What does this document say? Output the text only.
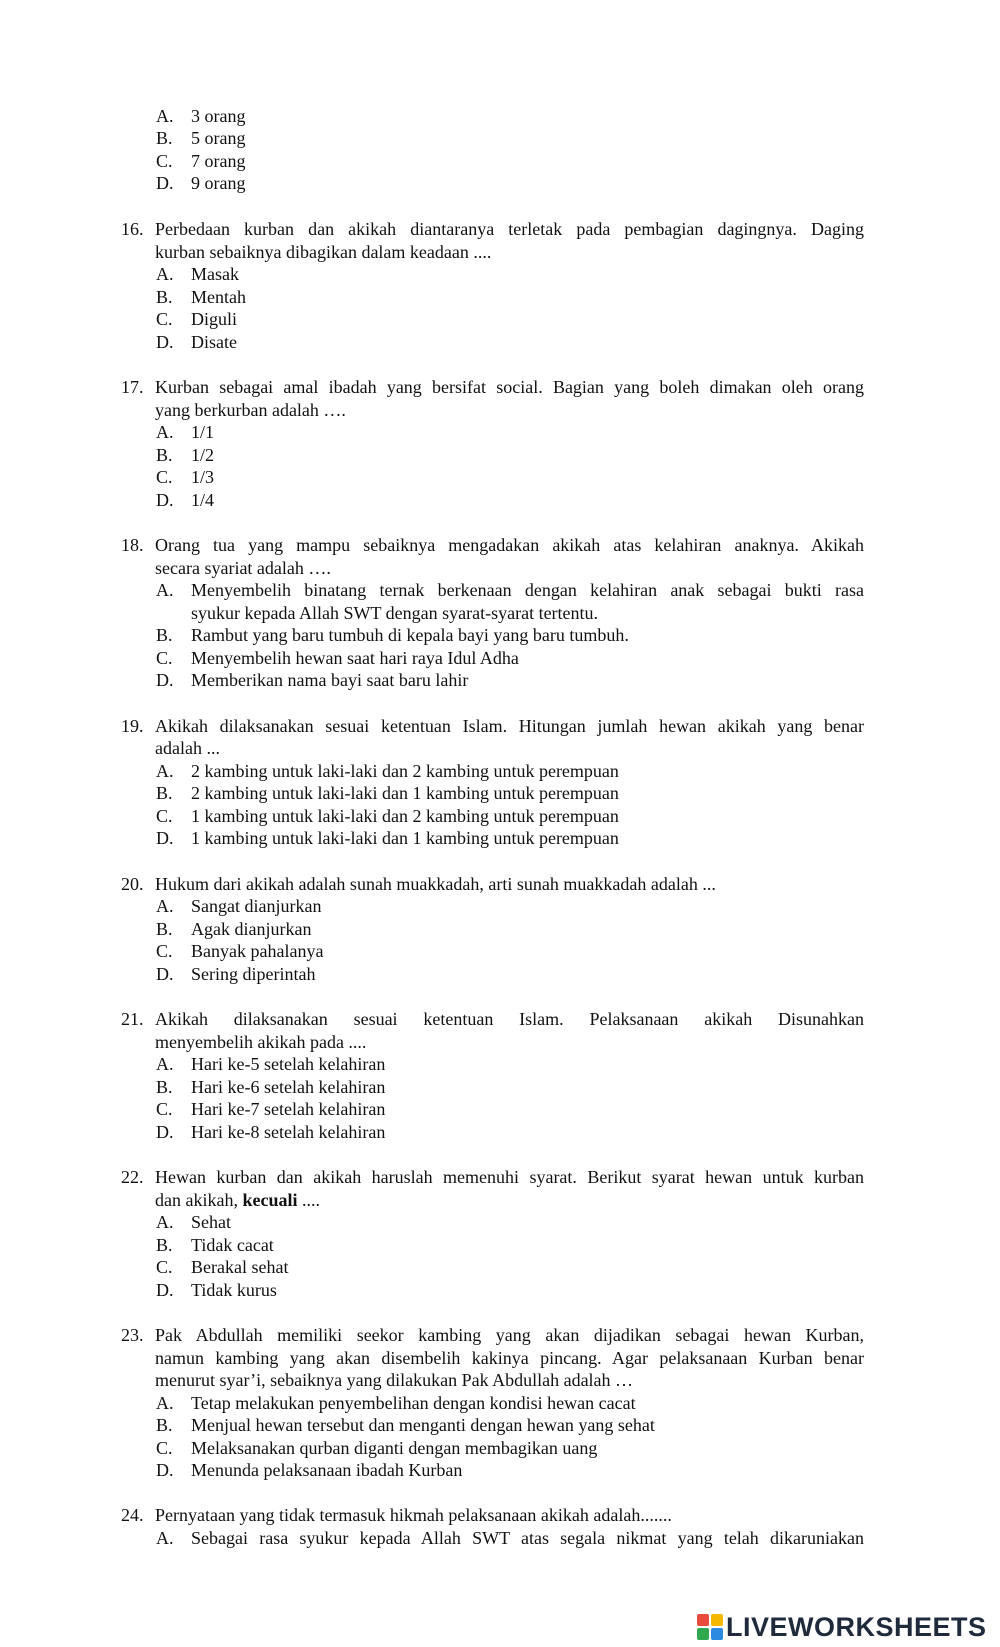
A. 3 orang
B. 5 orang
C. 7 orang
D. 9 orang
16. Perbedaan kurban dan akikah diantaranya terletak pada pembagian dagingnya. Daging
kurban sebaiknya dibagikan dalam keadaan ....
A. Masak
B. Mentah
C. Diguli
D. Disate
17. Kurban sebagai amal ibadah yang bersifat social. Bagian yang boleh dimakan oleh orang
yang berkurban adalah ….
A. 1/1
B. 1/2
C. 1/3
D. 1/4
18. Orang tua yang mampu sebaiknya mengadakan akikah atas kelahiran anaknya. Akikah
secara syariat adalah ….
A. Menyembelih binatang ternak berkenaan dengan kelahiran anak sebagai bukti rasa
syukur kepada Allah SWT dengan syarat-syarat tertentu.
B. Rambut yang baru tumbuh di kepala bayi yang baru tumbuh.
C. Menyembelih hewan saat hari raya Idul Adha
D. Memberikan nama bayi saat baru lahir
19. Akikah dilaksanakan sesuai ketentuan Islam. Hitungan jumlah hewan akikah yang benar
adalah ...
A. 2 kambing untuk laki-laki dan 2 kambing untuk perempuan
B. 2 kambing untuk laki-laki dan 1 kambing untuk perempuan
C. 1 kambing untuk laki-laki dan 2 kambing untuk perempuan
D. 1 kambing untuk laki-laki dan 1 kambing untuk perempuan
20. Hukum dari akikah adalah sunah muakkadah, arti sunah muakkadah adalah ...
A. Sangat dianjurkan
B. Agak dianjurkan
C. Banyak pahalanya
D. Sering diperintah
21. Akikah dilaksanakan sesuai ketentuan Islam. Pelaksanaan akikah Disunahkan
menyembelih akikah pada ....
A. Hari ke-5 setelah kelahiran
B. Hari ke-6 setelah kelahiran
C. Hari ke-7 setelah kelahiran
D. Hari ke-8 setelah kelahiran
22. Hewan kurban dan akikah haruslah memenuhi syarat. Berikut syarat hewan untuk kurban
dan akikah, kecuali ....
A. Sehat
B. Tidak cacat
C. Berakal sehat
D. Tidak kurus
23. Pak Abdullah memiliki seekor kambing yang akan dijadikan sebagai hewan Kurban,
namun kambing yang akan disembelih kakinya pincang. Agar pelaksanaan Kurban benar
menurut syar’i, sebaiknya yang dilakukan Pak Abdullah adalah …
A. Tetap melakukan penyembelihan dengan kondisi hewan cacat
B. Menjual hewan tersebut dan menganti dengan hewan yang sehat
C. Melaksanakan qurban diganti dengan membagikan uang
D. Menunda pelaksanaan ibadah Kurban
24. Pernyataan yang tidak termasuk hikmah pelaksanaan akikah adalah.......
A. Sebagai rasa syukur kepada Allah SWT atas segala nikmat yang telah dikaruniakan
LIVEWORKSHEETS
